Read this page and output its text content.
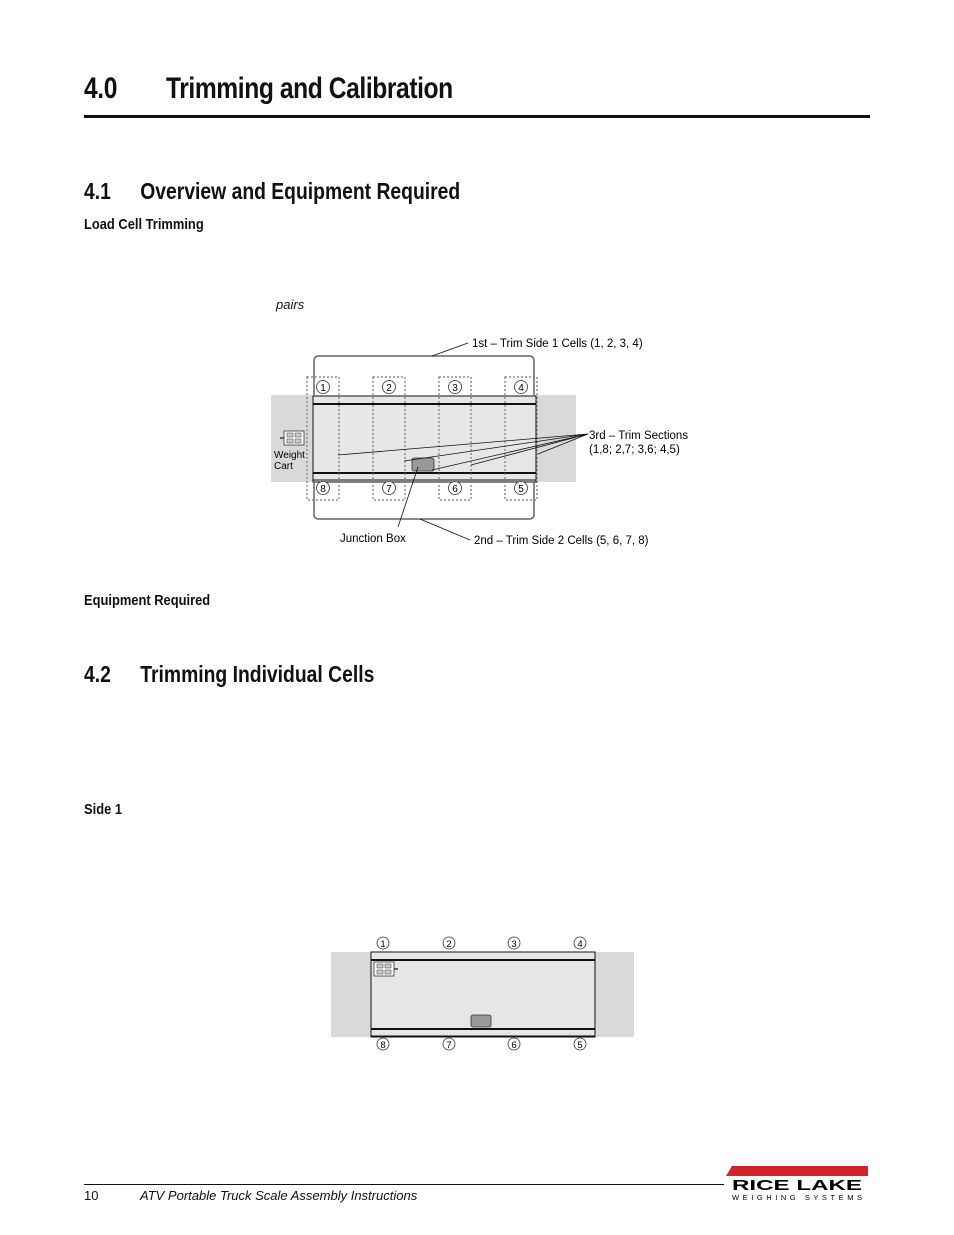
4.0 Trimming and Calibration
4.1 Overview and Equipment Required
Load Cell Trimming
pairs
1	2	3	4
8	7	6	5
Weight
Cart
1st – Trim Side 1 Cells (1, 2, 3, 4)
3rd – Trim Sections
(1,8; 2,7; 3,6; 4,5)
Junction Box	2nd – Trim Side 2 Cells (5, 6, 7, 8)
Equipment Required
4.2 Trimming Individual Cells
Side 1
1	2	3	4
8	7	6	5
10	ATV Portable Truck Scale Assembly Instructions
RICE LAKE
WEIGHING SYSTEMS
